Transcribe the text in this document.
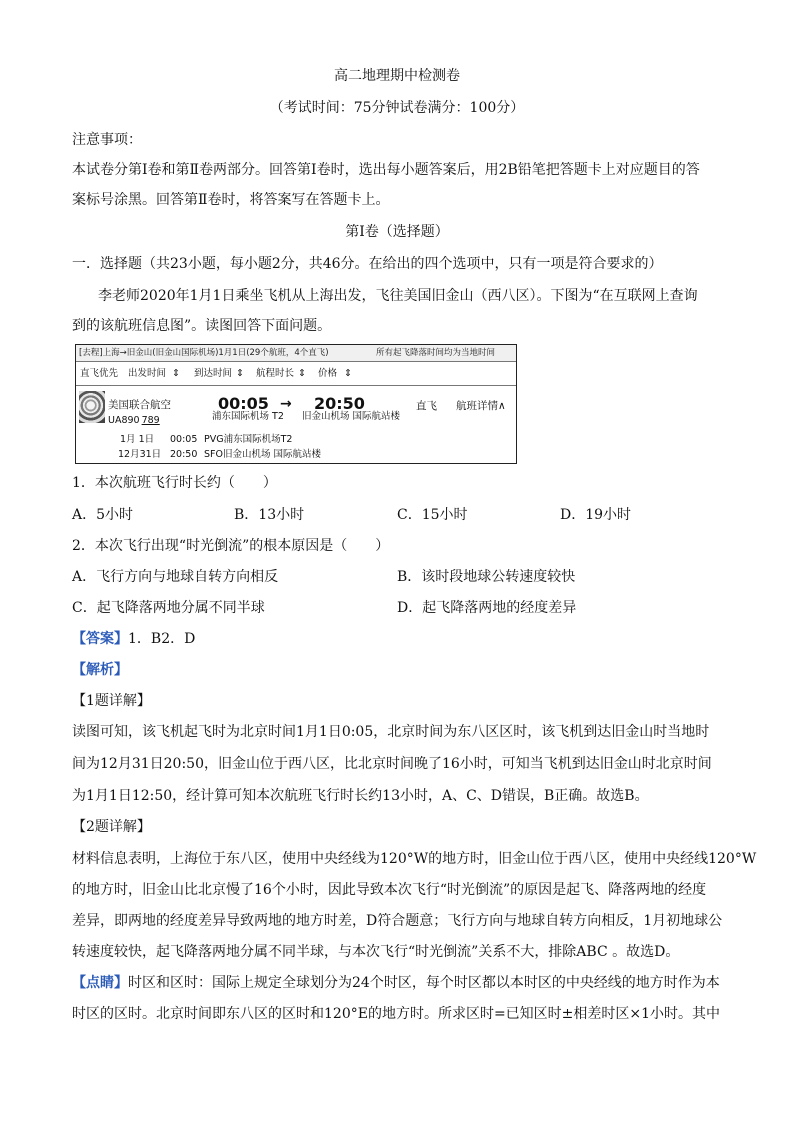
高二地理期中检测卷
（考试时间：75分钟试卷满分：100分）
注意事项：
本试卷分第Ⅰ卷和第Ⅱ卷两部分。回答第Ⅰ卷时，选出每小题答案后，用2B铅笔把答题卡上对应题目的答
案标号涂黑。回答第Ⅱ卷时，将答案写在答题卡上。
第Ⅰ卷（选择题）
一．选择题（共23小题，每小题2分，共46分。在给出的四个选项中，只有一项是符合要求的）
李老师2020年1月1日乘坐飞机从上海出发，飞往美国旧金山（西八区）。下图为“在互联网上查询
到的该航班信息图”。读图回答下面问题。
[去程]上海→旧金山(旧金山国际机场)1月1日(29个航班，4个直飞)	所有起飞降落时间均为当地时间
直飞优先 出发时间 ⇕ 到达时间 ⇕ 航程时长 ⇕ 价格 ⇕
美国联合航空
UA890 789
00:05 → 20:50
浦东国际机场 T2 旧金山机场 国际航站楼
直飞 航班详情∧
1月 1日 00:05 PVG浦东国际机场T2
12月31日 20:50 SFO旧金山机场 国际航站楼
1．本次航班飞行时长约（　　）
A．5小时	B．13小时	C．15小时	D．19小时
2．本次飞行出现“时光倒流”的根本原因是（　　）
A．飞行方向与地球自转方向相反	B．该时段地球公转速度较快
C．起飞降落两地分属不同半球	D．起飞降落两地的经度差异
【答案】1．B2．D
【解析】
【1题详解】
读图可知，该飞机起飞时为北京时间1月1日0:05，北京时间为东八区区时，该飞机到达旧金山时当地时
间为12月31日20:50，旧金山位于西八区，比北京时间晚了16小时，可知当飞机到达旧金山时北京时间
为1月1日12:50，经计算可知本次航班飞行时长约13小时，A、C、D错误，B正确。故选B。
【2题详解】
材料信息表明，上海位于东八区，使用中央经线为120°W的地方时，旧金山位于西八区，使用中央经线120°W
的地方时，旧金山比北京慢了16个小时，因此导致本次飞行“时光倒流”的原因是起飞、降落两地的经度
差异，即两地的经度差异导致两地的地方时差，D符合题意；飞行方向与地球自转方向相反，1月初地球公
转速度较快，起飞降落两地分属不同半球，与本次飞行“时光倒流”关系不大，排除ABC 。故选D。
【点睛】时区和区时：国际上规定全球划分为24个时区，每个时区都以本时区的中央经线的地方时作为本
时区的区时。北京时间即东八区的区时和120°E的地方时。所求区时=已知区时±相差时区×1小时。其中
